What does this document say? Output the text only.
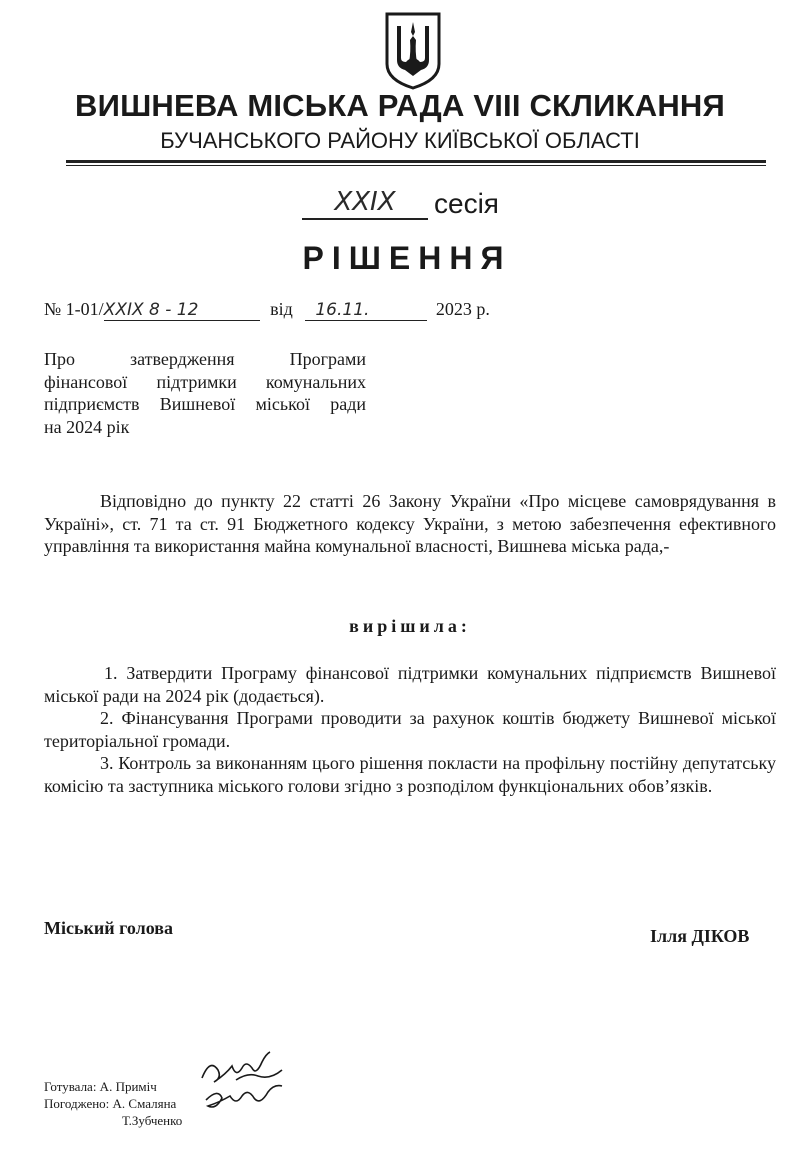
ВИШНЕВА МІСЬКА РАДА VIII СКЛИКАННЯ
БУЧАНСЬКОГО РАЙОНУ КИЇВСЬКОЇ ОБЛАСТІ
XXIX сесія
РІШЕННЯ
№ 1-01/XXIX 8 - 12	від 16.11.	2023 р.
Про затвердження Програми
фінансової підтримки комунальних
підприємств Вишневої міської ради
на 2024 рік
Відповідно до пункту 22 статті 26 Закону України «Про місцеве самоврядування в Україні», ст. 71 та ст. 91 Бюджетного кодексу України, з метою забезпечення ефективного управління та використання майна комунальної власності, Вишнева міська рада,-
вирішила:

1. Затвердити Програму фінансової підтримки комунальних підприємств Вишневої міської ради на 2024 рік (додається).

2. Фінансування Програми проводити за рахунок коштів бюджету Вишневої міської територіальної громади.

3. Контроль за виконанням цього рішення покласти на профільну постійну депутатську комісію та заступника міського голови згідно з розподілом функціональних обов’язків.

Міський голова	Ілля ДІКОВ
Готувала: А. Приміч
Погоджено: А. Смаляна
Т.Зубченко
